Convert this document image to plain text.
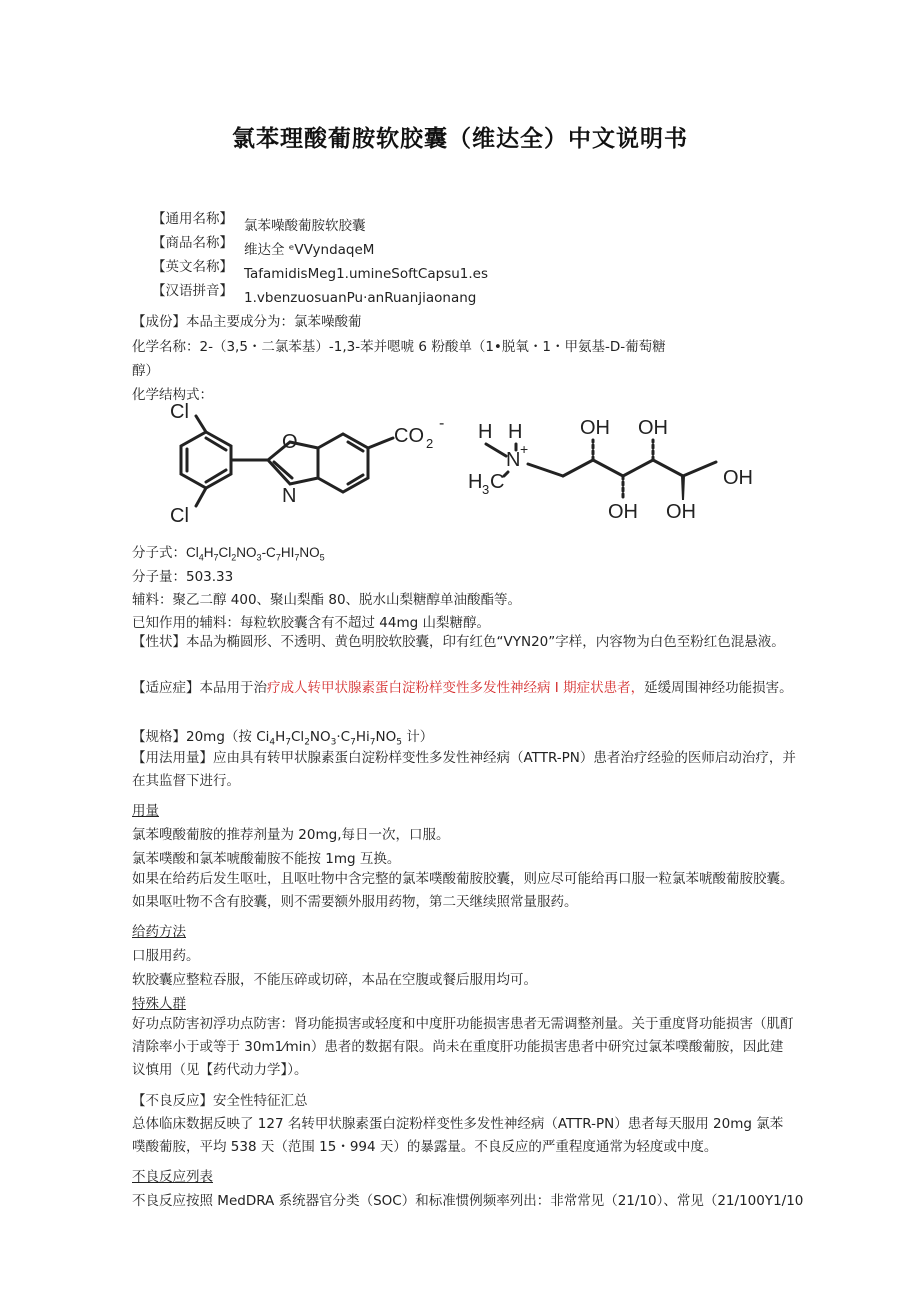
氯苯理酸葡胺软胶囊（维达全）中文说明书
【通用名称】 氯苯噪酸葡胺软胶囊
【商品名称】 维达全 ᵉVVyndaqeM
【英文名称】 TafamidisMeg1.umineSoftCapsu1.es
【汉语拼音】 1.vbenzuosuanPu·anRuanjiaonang
【成份】本品主要成分为：氯苯噪酸葡
化学名称：2-（3,5・二氯苯基）-1,3-苯并嗯唬 6 粉酸单（1•脱氧・1・甲氨基-D-葡萄糖
醇）
化学结构式：
Cl
Cl
O
N
CO 2
- H H
N +
H 3 C
OH OH
OH OH
OH
分子式：$Cl_4H_7Cl_2NO_3-C_7HI_7NO_5$
分子量：503.33
辅料：聚乙二醇 400、聚山梨酯 80、脱水山梨糖醇单油酸酯等。
已知作用的辅料：每粒软胶囊含有不超过 44mg 山梨糖醇。
【性状】本品为椭圆形、不透明、黄色明胶软胶囊，印有红色“VYN20”字样，内容物为白色至粉红色混悬液。
【适应症】本品用于治疗成人转甲状腺素蛋白淀粉样变性多发性神经病 I 期症状患者，延缓周围神经功能损害。
【规格】20mg（按 $Ci_4H_7Cl_2NO_3\cdot C_7Hi_7NO_5$ 计）
【用法用量】应由具有转甲状腺素蛋白淀粉样变性多发性神经病（ATTR-PN）患者治疗经验的医师启动治疗，并在其监督下进行。
用量
氯苯嗖酸葡胺的推荐剂量为 20mg,每日一次，口服。
氯苯噗酸和氯苯唬酸葡胺不能按 1mg 互换。
如果在给药后发生呕吐，且呕吐物中含完整的氯苯噗酸葡胺胶囊，则应尽可能给再口服一粒氯苯唬酸葡胺胶囊。如果呕吐物不含有胶囊，则不需要额外服用药物，第二天继续照常量服药。
给药方法
口服用药。
软胶囊应整粒吞服，不能压碎或切碎，本品在空腹或餐后服用均可。
特殊人群
好功点防害初浮功点防害：肾功能损害或轻度和中度肝功能损害患者无需调整剂量。关于重度肾功能损害（肌酊清除率小于或等于 30m1⁄min）患者的数据有限。尚未在重度肝功能损害患者中研究过氯苯噗酸葡胺，因此建议慎用（见【药代动力学】）。
【不良反应】安全性特征汇总
总体临床数据反映了 127 名转甲状腺素蛋白淀粉样变性多发性神经病（ATTR-PN）患者每天服用 20mg 氯苯噗酸葡胺，平均 538 天（范围 15・994 天）的暴露量。不良反应的严重程度通常为轻度或中度。
不良反应列表
不良反应按照 MedDRA 系统器官分类（SOC）和标准惯例频率列出：非常常见（21/10）、常见（21/100Y1/10
